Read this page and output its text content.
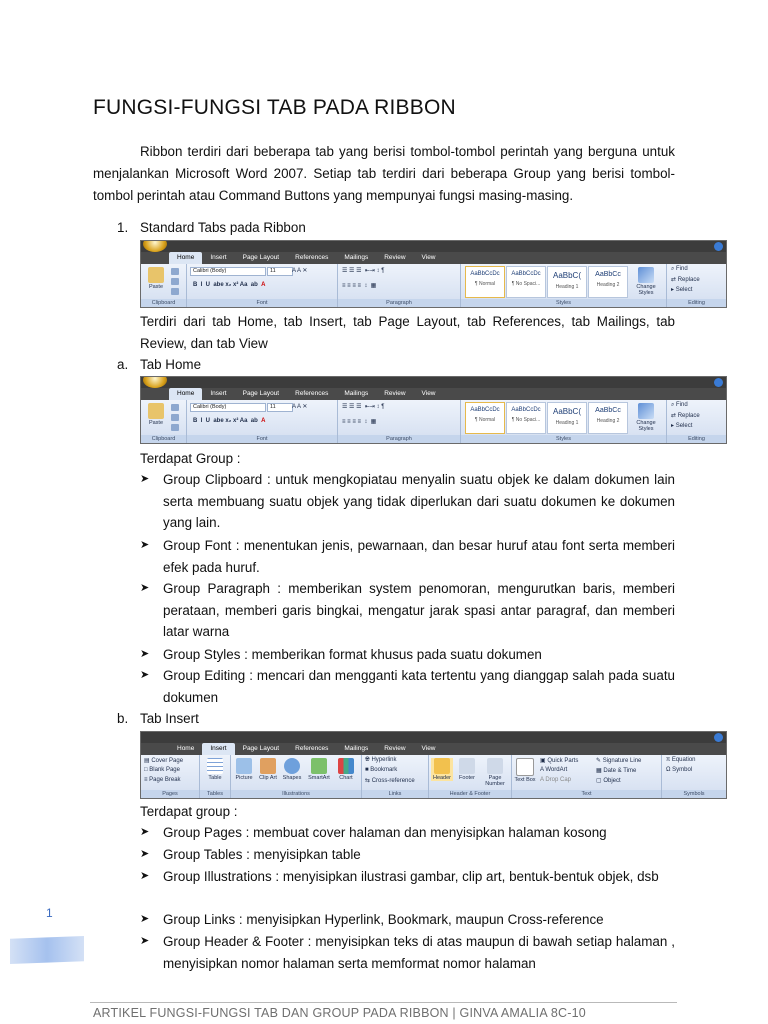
FUNGSI-FUNGSI TAB PADA RIBBON
Ribbon terdiri dari beberapa tab yang berisi tombol-tombol perintah yang berguna untuk menjalankan Microsoft Word 2007. Setiap tab terdiri dari beberapa Group yang berisi tombol-tombol perintah atau Command Buttons yang mempunyai fungsi masing-masing.
1. Standard Tabs pada Ribbon
Home	Insert	Page Layout	References	Mailings	Review	View
Paste
Clipboard
Calibri (Body)	11	A A ✕
B  I  U  abe x₂ x² Aa  ab  A
Font
☰ ☰ ☰  ⇤⇥ ↕ ¶
≡ ≡ ≡ ≡  ↕  ▦
Paragraph
AaBbCcDc
¶ Normal
AaBbCcDc
¶ No Spaci...
AaBbC(
Heading 1
AaBbCc
Heading 2	Change Styles
Styles
⌕ Find
⇄ Replace
▸ Select
Editing
Terdiri dari tab Home, tab Insert, tab Page Layout, tab References, tab Mailings, tab Review, dan tab View
a. Tab Home
Home	Insert	Page Layout	References	Mailings	Review	View
Paste
Clipboard
Calibri (Body)	11	A A ✕
B  I  U  abe x₂ x² Aa  ab  A
Font
☰ ☰ ☰  ⇤⇥ ↕ ¶
≡ ≡ ≡ ≡  ↕  ▦
Paragraph
AaBbCcDc
¶ Normal
AaBbCcDc
¶ No Spaci...
AaBbC(
Heading 1
AaBbCc
Heading 2	Change Styles
Styles
⌕ Find
⇄ Replace
▸ Select
Editing
Terdapat Group :
➤ Group Clipboard : untuk mengkopiatau menyalin suatu objek ke dalam dokumen lain serta membuang suatu objek yang tidak diperlukan dari suatu dokumen ke dokumen yang lain.
➤ Group Font : menentukan jenis, pewarnaan, dan besar huruf atau font serta memberi efek pada huruf.
➤ Group Paragraph : memberikan system penomoran, mengurutkan baris, memberi perataan, memberi garis bingkai, mengatur jarak spasi antar paragraf, dan memberi latar warna
➤ Group Styles : memberikan format khusus pada suatu dokumen
➤ Group Editing : mencari dan mengganti kata tertentu yang dianggap salah pada suatu dokumen
b. Tab Insert
Home	Insert	Page Layout	References	Mailings	Review	View
▤ Cover Page
□ Blank Page
≡ Page Break
Pages
Table
Tables
Picture	Clip Art	Shapes	SmartArt	Chart
Illustrations
🌐︎ Hyperlink
■ Bookmark
⇆ Cross-reference
Links
Header	Footer	Page Number
Header & Footer
Text Box
▣ Quick Parts
A WordArt
A Drop Cap
✎ Signature Line
▦ Date & Time
▢ Object
Text
π Equation
Ω Symbol
Symbols
Terdapat group :
➤ Group Pages : membuat cover halaman dan menyisipkan halaman kosong
➤ Group Tables : menyisipkan table
➤ Group Illustrations : menyisipkan ilustrasi gambar, clip art, bentuk-bentuk objek, dsb
➤ Group Links : menyisipkan Hyperlink, Bookmark, maupun Cross-reference
➤ Group Header & Footer : menyisipkan teks di atas maupun di bawah setiap halaman , menyisipkan nomor halaman serta memformat nomor halaman
1
ARTIKEL FUNGSI-FUNGSI TAB DAN GROUP PADA RIBBON | GINVA AMALIA 8C-10
